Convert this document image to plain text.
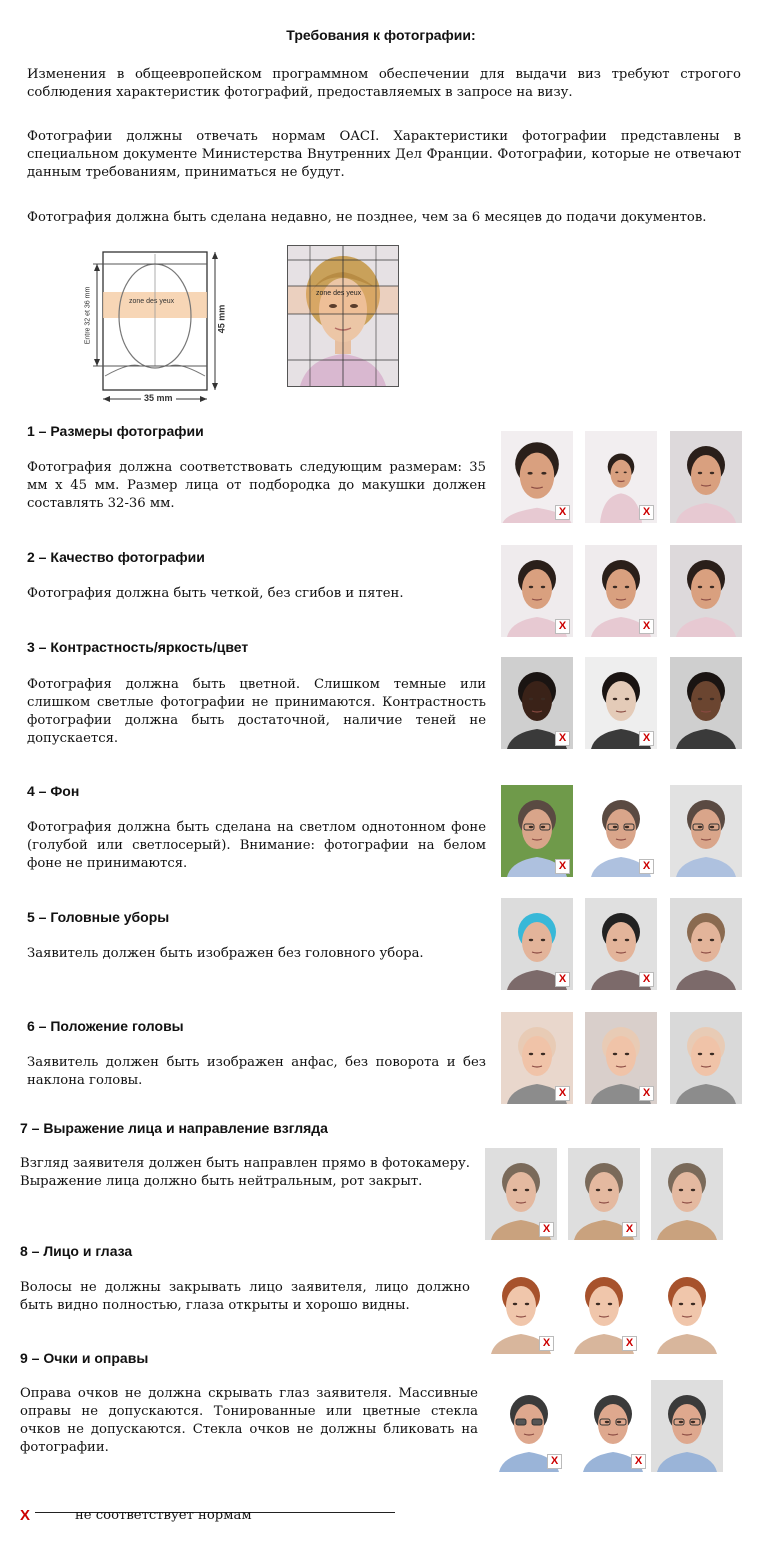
Требования к фотографии:
Изменения в общеевропейском программном обеспечении для выдачи виз требуют строгого соблюдения характеристик фотографий, предоставляемых в запросе на визу.
Фотографии должны отвечать нормам OACI. Характеристики фотографии представлены в специальном документе Министерства Внутренних Дел Франции. Фотографии, которые не отвечают данным требованиям, приниматься не будут.
Фотография должна быть сделана недавно, не позднее, чем за 6 месяцев до подачи документов.
zone des yeux
Entre 32 et 36 mm	45 mm
35 mm
zone des yeux
1 – Размеры фотографии
Фотография должна соответствовать следующим размерам: 35 мм х 45 мм. Размер лица от подбородка до макушки должен составлять 32-36 мм.
2 – Качество фотографии
Фотография должна быть четкой, без сгибов и пятен.
3 – Контрастность/яркость/цвет
Фотография должна быть цветной. Слишком темные или слишком светлые фотографии не принимаются. Контрастность фотографии должна быть достаточной, наличие теней не допускается.
4 – Фон
Фотография должна быть сделана на светлом однотонном фоне (голубой или светлосерый). Внимание: фотографии на белом фоне не принимаются.
5 – Головные уборы
Заявитель должен быть изображен без головного убора.
6 – Положение головы
Заявитель должен быть изображен анфас, без поворота и без наклона головы.
7 – Выражение лица и направление взгляда
Взгляд заявителя должен быть направлен прямо в фотокамеру. Выражение лица должно быть нейтральным, рот закрыт.
8 – Лицо и глаза
Волосы не должны закрывать лицо заявителя, лицо должно быть видно полностью, глаза открыты и хорошо видны.
9 – Очки и оправы
Оправа очков не должна скрывать глаз заявителя. Массивные оправы не допускаются. Тонированные или цветные стекла очков не допускаются. Стекла очков не должны бликовать на фотографии.
X	не соответствует нормам
X	X
X	X
X	X
X	X
X	X
X	X
X	X
X	X
X	X
